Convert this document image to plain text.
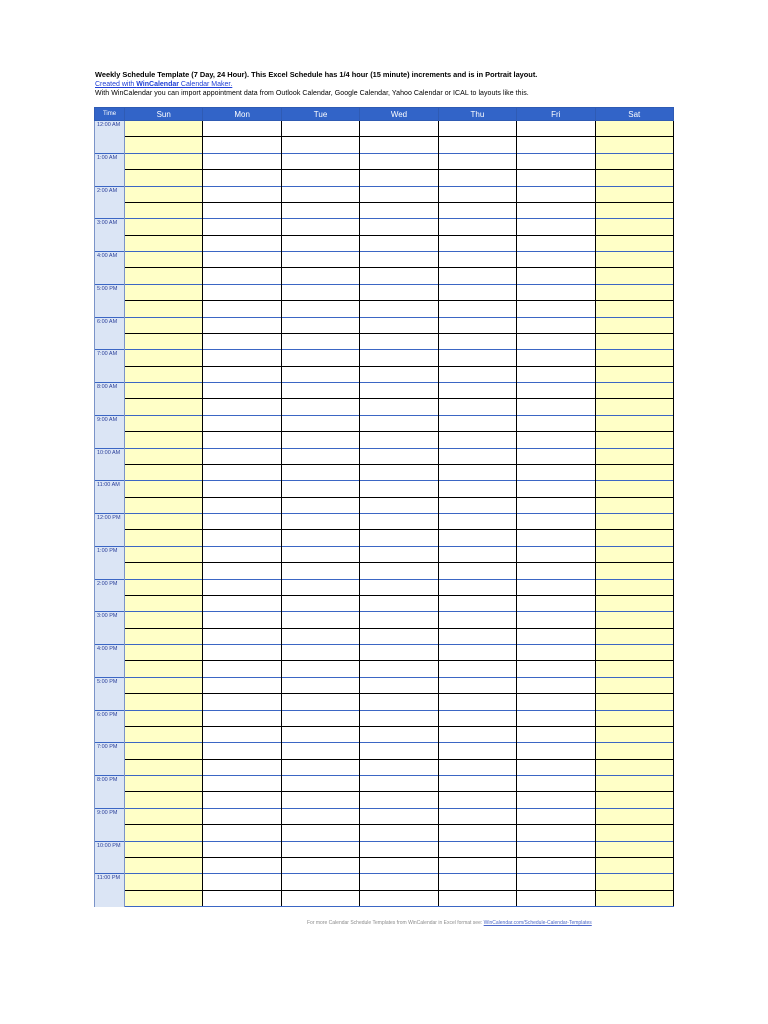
Weekly Schedule Template (7 Day, 24 Hour). This Excel Schedule has 1/4 hour (15 minute) increments and is in Portrait layout.
Created with WinCalendar Calendar Maker.
With WinCalendar you can import appointment data from Outlook Calendar, Google Calendar, Yahoo Calendar or ICAL to layouts like this.
Time	Sun	Mon	Tue	Wed	Thu	Fri	Sat

12:00 AM							

1:00 AM							

2:00 AM							

3:00 AM							

4:00 AM							

5:00 PM							

6:00 AM							

7:00 AM							

8:00 AM							

9:00 AM							

10:00 AM							

11:00 AM							

12:00 PM							

1:00 PM							

2:00 PM							

3:00 PM							

4:00 PM							

5:00 PM							

6:00 PM							

7:00 PM							

8:00 PM							

9:00 PM							

10:00 PM							

11:00 PM							

For more Calendar Schedule Templates from WinCalendar in Excel format see: WinCalendar.com/Schedule-Calendar-Templates
